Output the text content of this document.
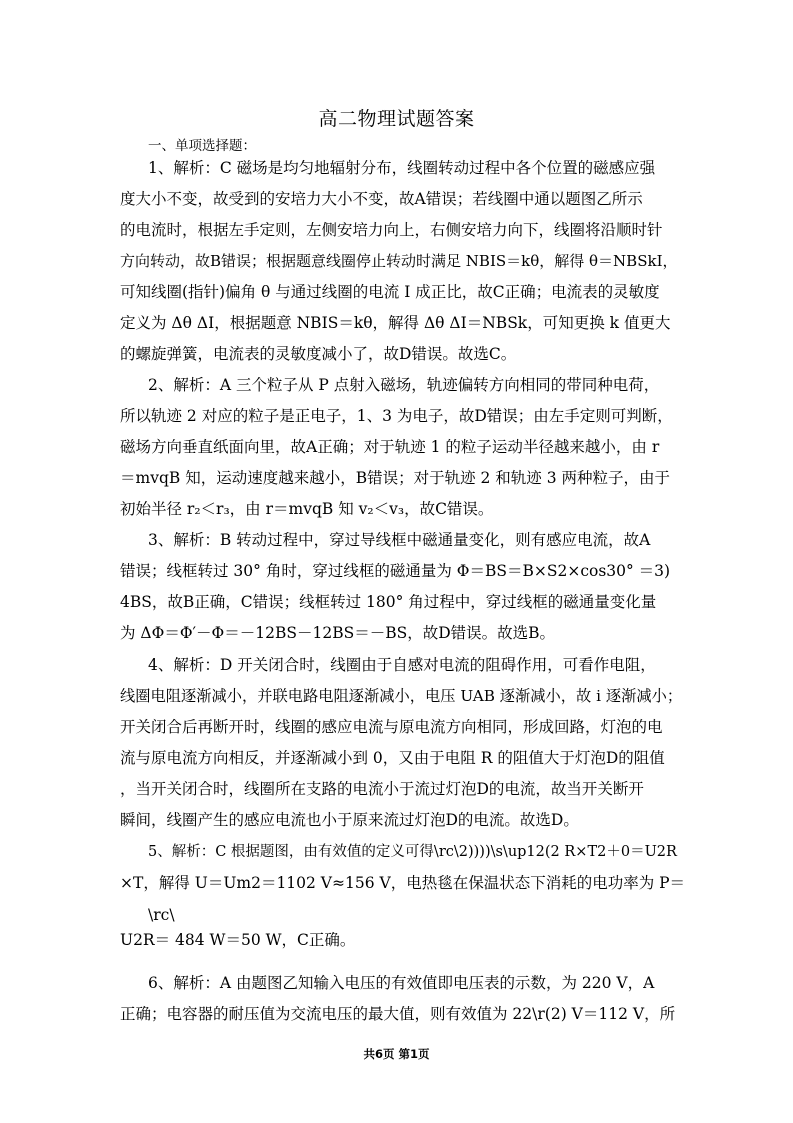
高二物理试题答案
一、单项选择题：
1、解析：C 磁场是均匀地辐射分布，线圈转动过程中各个位置的磁感应强
度大小不变，故受到的安培力大小不变，故A错误；若线圈中通以题图乙所示
的电流时，根据左手定则，左侧安培力向上，右侧安培力向下，线圈将沿顺时针
方向转动，故B错误；根据题意线圈停止转动时满足 NBIS＝kθ，解得 θ＝NBSkI，
可知线圈(指针)偏角 θ 与通过线圈的电流 I 成正比，故C正确；电流表的灵敏度
定义为 Δθ ΔI，根据题意 NBIS＝kθ，解得 Δθ ΔI＝NBSk，可知更换 k 值更大
的螺旋弹簧，电流表的灵敏度减小了，故D错误。故选C。
2、解析：A 三个粒子从 P 点射入磁场，轨迹偏转方向相同的带同种电荷，
所以轨迹 2 对应的粒子是正电子，1、3 为电子，故D错误；由左手定则可判断，
磁场方向垂直纸面向里，故A正确；对于轨迹 1 的粒子运动半径越来越小，由 r
＝mvqB 知，运动速度越来越小，B错误；对于轨迹 2 和轨迹 3 两种粒子，由于
初始半径 r₂＜r₃，由 r＝mvqB 知 v₂＜v₃，故C错误。
3、解析：B 转动过程中，穿过导线框中磁通量变化，则有感应电流，故A
错误；线框转过 30° 角时，穿过线框的磁通量为 Φ＝BS＝B×S2×cos30° ＝3)
4BS，故B正确，C错误；线框转过 180° 角过程中，穿过线框的磁通量变化量
为 ΔΦ＝Φ′－Φ＝－12BS－12BS＝－BS，故D错误。故选B。
4、解析：D 开关闭合时，线圈由于自感对电流的阻碍作用，可看作电阻，
线圈电阻逐渐减小，并联电路电阻逐渐减小，电压 UAB 逐渐减小，故 i 逐渐减小；
开关闭合后再断开时，线圈的感应电流与原电流方向相同，形成回路，灯泡的电
流与原电流方向相反，并逐渐减小到 0，又由于电阻 R 的阻值大于灯泡D的阻值
，当开关闭合时，线圈所在支路的电流小于流过灯泡D的电流，故当开关断开
瞬间，线圈产生的感应电流也小于原来流过灯泡D的电流。故选D。
5、解析：C 根据题图，由有效值的定义可得\rc\2))))\s\up12(2 R×T2＋0＝U2R
×T，解得 U＝Um2＝1102 V≈156 V，电热毯在保温状态下消耗的电功率为 P＝
\rc\
U2R＝ 484 W＝50 W，C正确。
6、解析：A 由题图乙知输入电压的有效值即电压表的示数，为 220 V，A
正确；电容器的耐压值为交流电压的最大值，则有效值为 22\r(2) V＝112 V，所
共6页 第1页
